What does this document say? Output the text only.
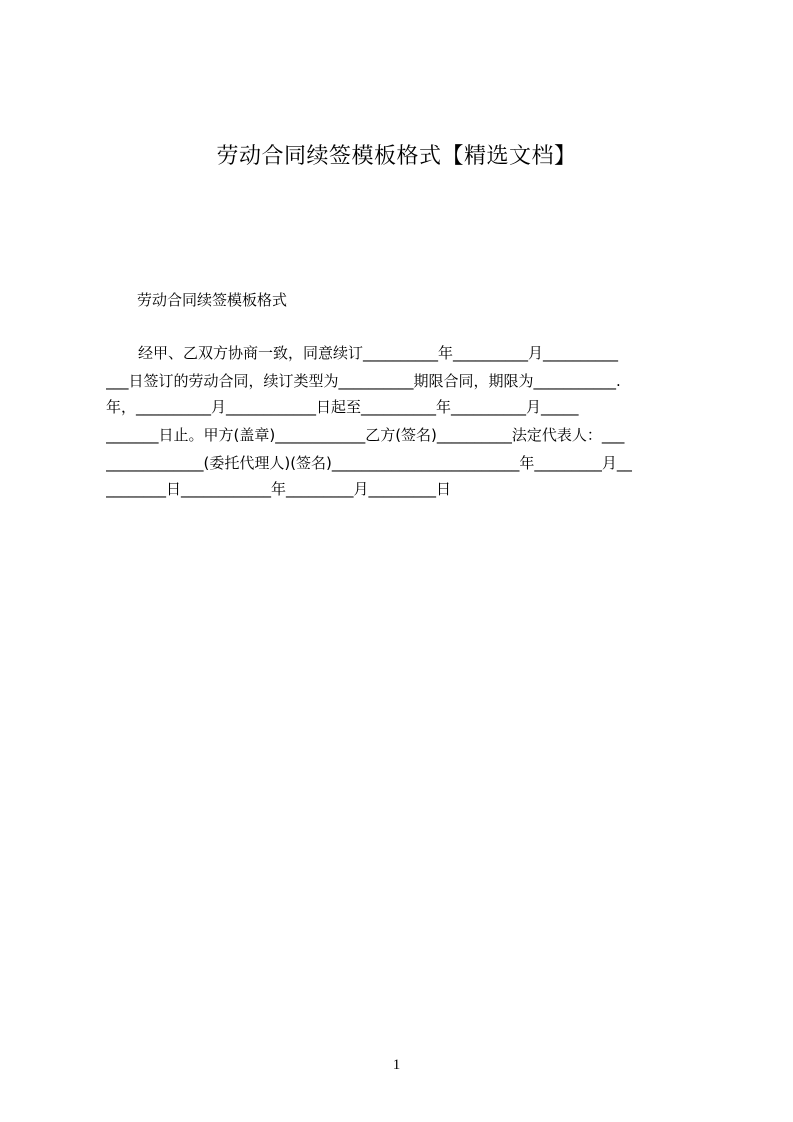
劳动合同续签模板格式【精选文档】
劳动合同续签模板格式
经甲、乙双方协商一致，同意续订__________年__________月__________
___日签订的劳动合同，续订类型为__________期限合同，期限为___________.
年，__________月____________日起至__________年__________月_____
_______日止。甲方(盖章)____________乙方(签名)__________法定代表人：___
_____________(委托代理人)(签名)_________________________年_________月__
________日____________年_________月_________日
1
